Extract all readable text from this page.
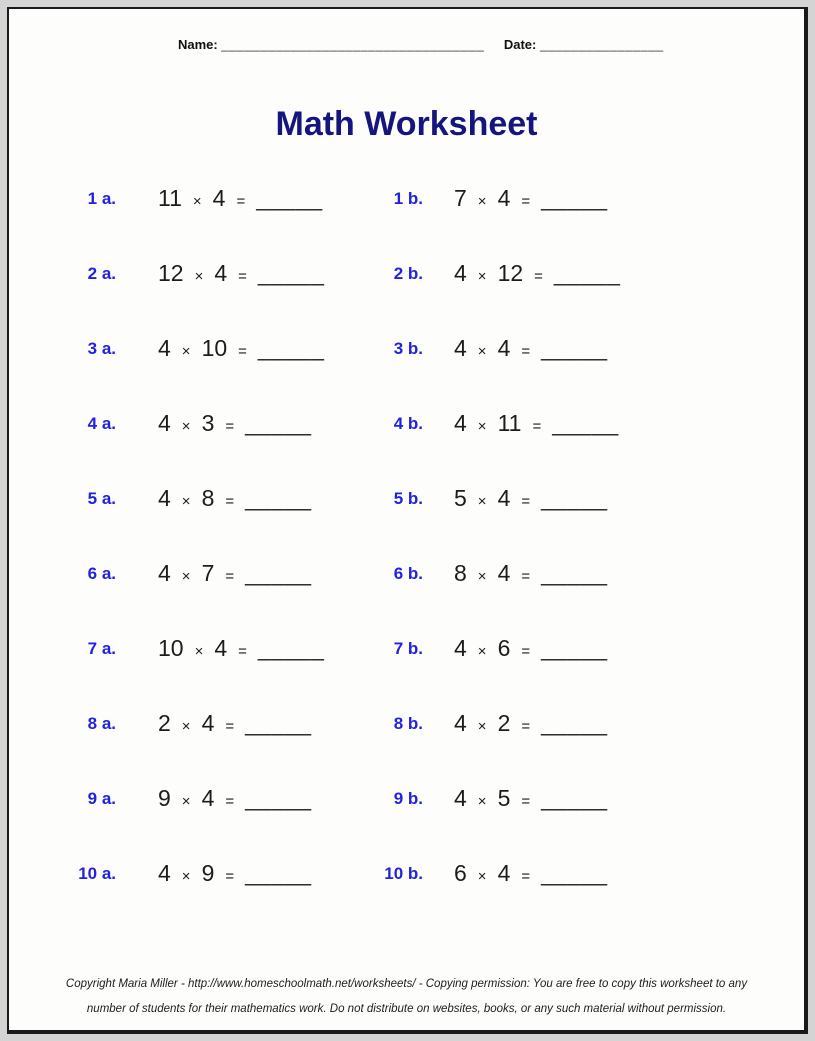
Name: __________________________________ Date: ________________
Math Worksheet
1 a. 11 × 4 = _____	1 b. 7 × 4 = _____
2 a. 12 × 4 = _____	2 b. 4 × 12 = _____
3 a. 4 × 10 = _____	3 b. 4 × 4 = _____
4 a. 4 × 3 = _____	4 b. 4 × 11 = _____
5 a. 4 × 8 = _____	5 b. 5 × 4 = _____
6 a. 4 × 7 = _____	6 b. 8 × 4 = _____
7 a. 10 × 4 = _____	7 b. 4 × 6 = _____
8 a. 2 × 4 = _____	8 b. 4 × 2 = _____
9 a. 9 × 4 = _____	9 b. 4 × 5 = _____
10 a. 4 × 9 = _____	10 b. 6 × 4 = _____
Copyright Maria Miller - http://www.homeschoolmath.net/worksheets/ - Copying permission: You are free to copy this worksheet to any
number of students for their mathematics work. Do not distribute on websites, books, or any such material without permission.
